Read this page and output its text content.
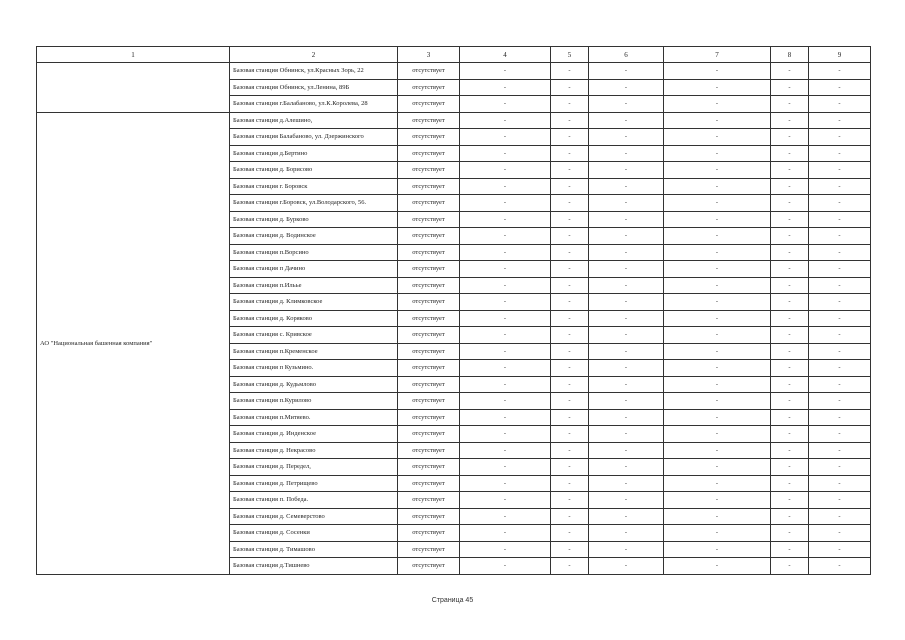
1	2	3	4	5	6	7	8	9
	Базовая станция Обнинск, ул.Красных Зорь, 22	отсутствует	-	-	-	-	-	-
	Базовая станция Обнинск, ул.Ленина, 89Б	отсутствует	-	-	-	-	-	-
	Базовая станция г.Балабаново, ул.К.Королева, 28	отсутствует	-	-	-	-	-	-
АО "Национальная башенная компания"	Базовая станция д.Алешино,	отсутствует	-	-	-	-	-	-
	Базовая станция Балабаново, ул. Дзержинского	отсутствует	-	-	-	-	-	-
	Базовая станция д.Бертино	отсутствует	-	-	-	-	-	-
	Базовая станция д. Борисово	отсутствует	-	-	-	-	-	-
	Базовая станция г. Боровск	отсутствует	-	-	-	-	-	-
	Базовая станция г.Боровск, ул.Володарского, 56.	отсутствует	-	-	-	-	-	-
	Базовая станция д. Бурково	отсутствует	-	-	-	-	-	-
	Базовая станция д. Водинское	отсутствует	-	-	-	-	-	-
	Базовая станция п.Ворсино	отсутствует	-	-	-	-	-	-
	Базовая станция п Дачино	отсутствует	-	-	-	-	-	-
	Базовая станция п.Ильье	отсутствует	-	-	-	-	-	-
	Базовая станция д. Климковское	отсутствует	-	-	-	-	-	-
	Базовая станция д. Коряково	отсутствует	-	-	-	-	-	-
	Базовая станция с. Кривское	отсутствует	-	-	-	-	-	-
	Базовая станция п.Кременское	отсутствует	-	-	-	-	-	-
	Базовая станция п Кузьмино.	отсутствует	-	-	-	-	-	-
	Базовая станция д. Кудьмлово	отсутствует	-	-	-	-	-	-
	Базовая станция п.Курилово	отсутствует	-	-	-	-	-	-
	Базовая станция п.Митяево.	отсутствует	-	-	-	-	-	-
	Базовая станция д. Инденское	отсутствует	-	-	-	-	-	-
	Базовая станция д. Некрасово	отсутствует	-	-	-	-	-	-
	Базовая станция д. Передел,	отсутствует	-	-	-	-	-	-
	Базовая станция д. Петрищево	отсутствует	-	-	-	-	-	-
	Базовая станция п. Победа.	отсутствует	-	-	-	-	-	-
	Базовая станция д. Семеверстово	отсутствует	-	-	-	-	-	-
	Базовая станция д. Сосенки	отсутствует	-	-	-	-	-	-
	Базовая станция д. Тимашово	отсутствует	-	-	-	-	-	-
	Базовая станция д.Тишнево	отсутствует	-	-	-	-	-	-
Страница 45
